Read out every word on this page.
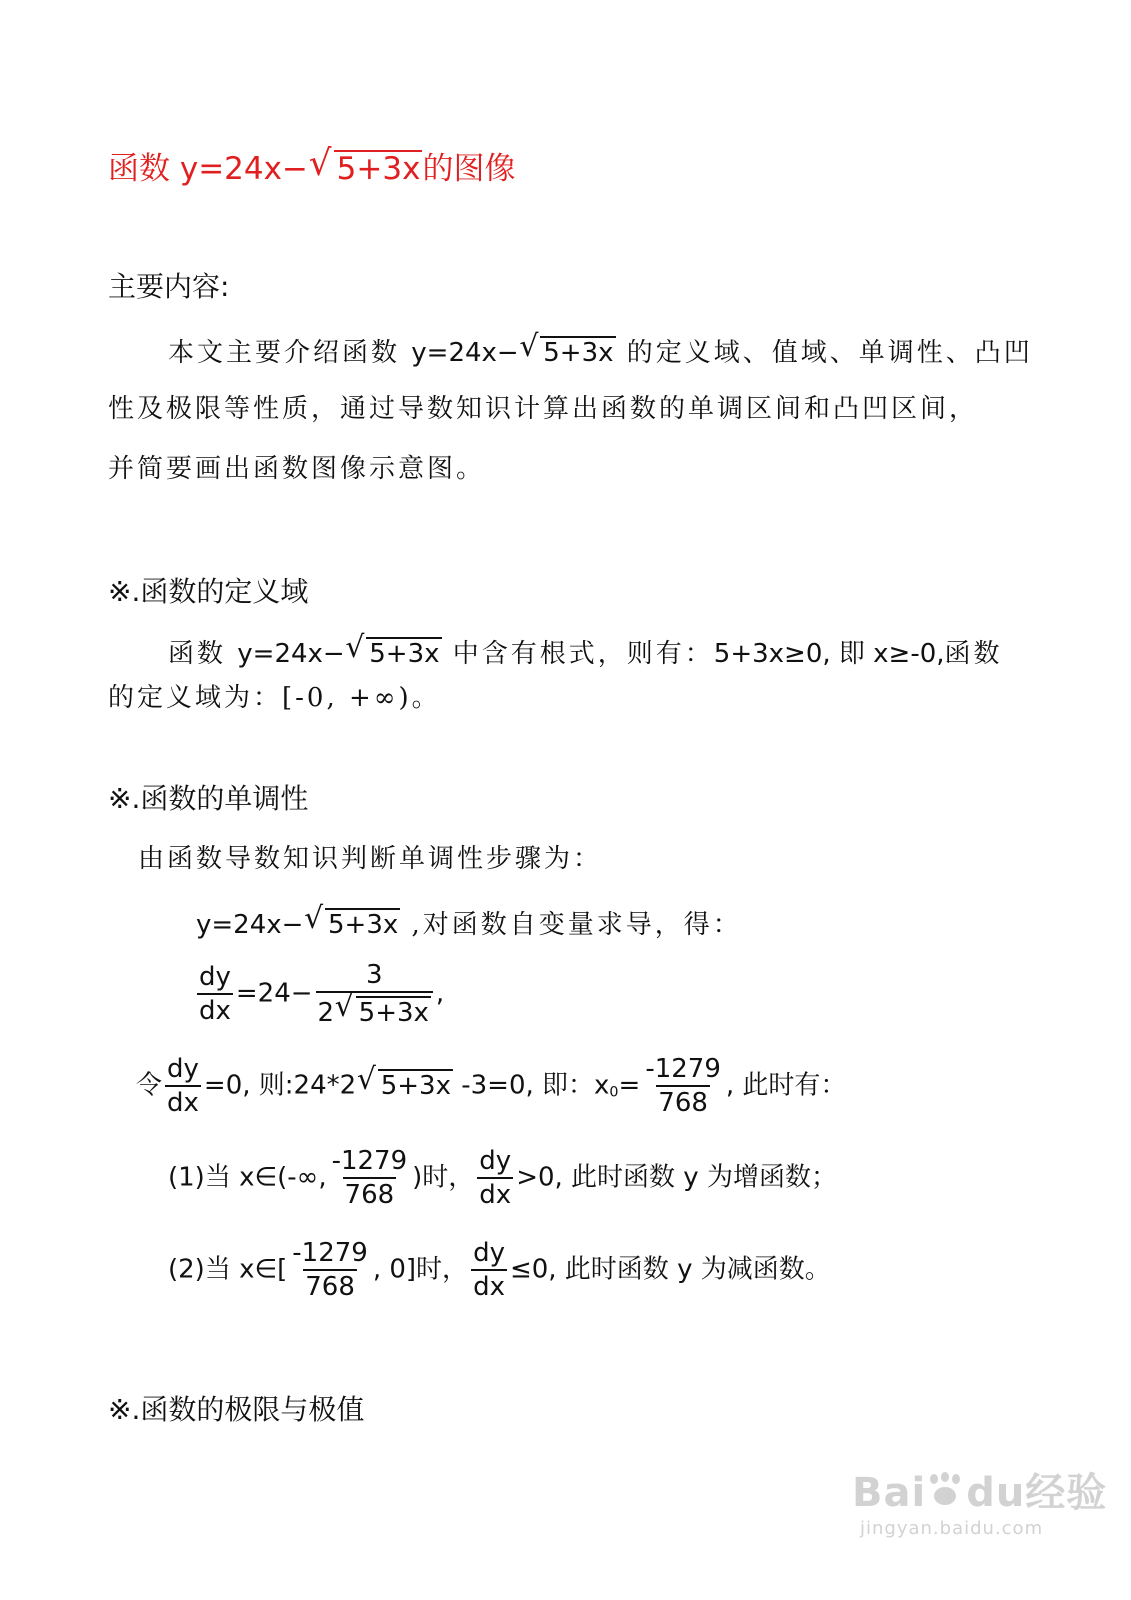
函数 y=24x− √ 5+3x的图像
主要内容:
本文主要介绍函数 y=24x− √ 5+3x 的定义域、值域、单调性、凸凹
性及极限等性质，通过导数知识计算出函数的单调区间和凸凹区间，
并简要画出函数图像示意图。
※.函数的定义域
函数 y=24x− √ 5+3x 中含有根式，则有：5+3x≥0, 即 x≥-0,函数
的定义域为：[-0, +∞)。
※.函数的单调性
由函数导数知识判断单调性步骤为：
y=24x− √ 5+3x ,对函数自变量求导，得：
$\frac{dy}{dx} =24- \frac{3}{2 √ 5+3x}$ ,
令 $\frac{dy}{dx} =0$, 则:24*2 √ 5+3x -3=0, 即：$x0= \frac{-1279}{768}$ , 此时有：
(1)当 x∈(-∞, $\frac{-1279}{768}$ )时， $\frac{dy}{dx} >0$, 此时函数 y 为增函数；
(2)当 x∈[ $\frac{-1279}{768}$ , 0]时， $\frac{dy}{dx} \le 0$, 此时函数 y 为减函数。
※.函数的极限与极值
Bai du经验
jingyan.baidu.com
